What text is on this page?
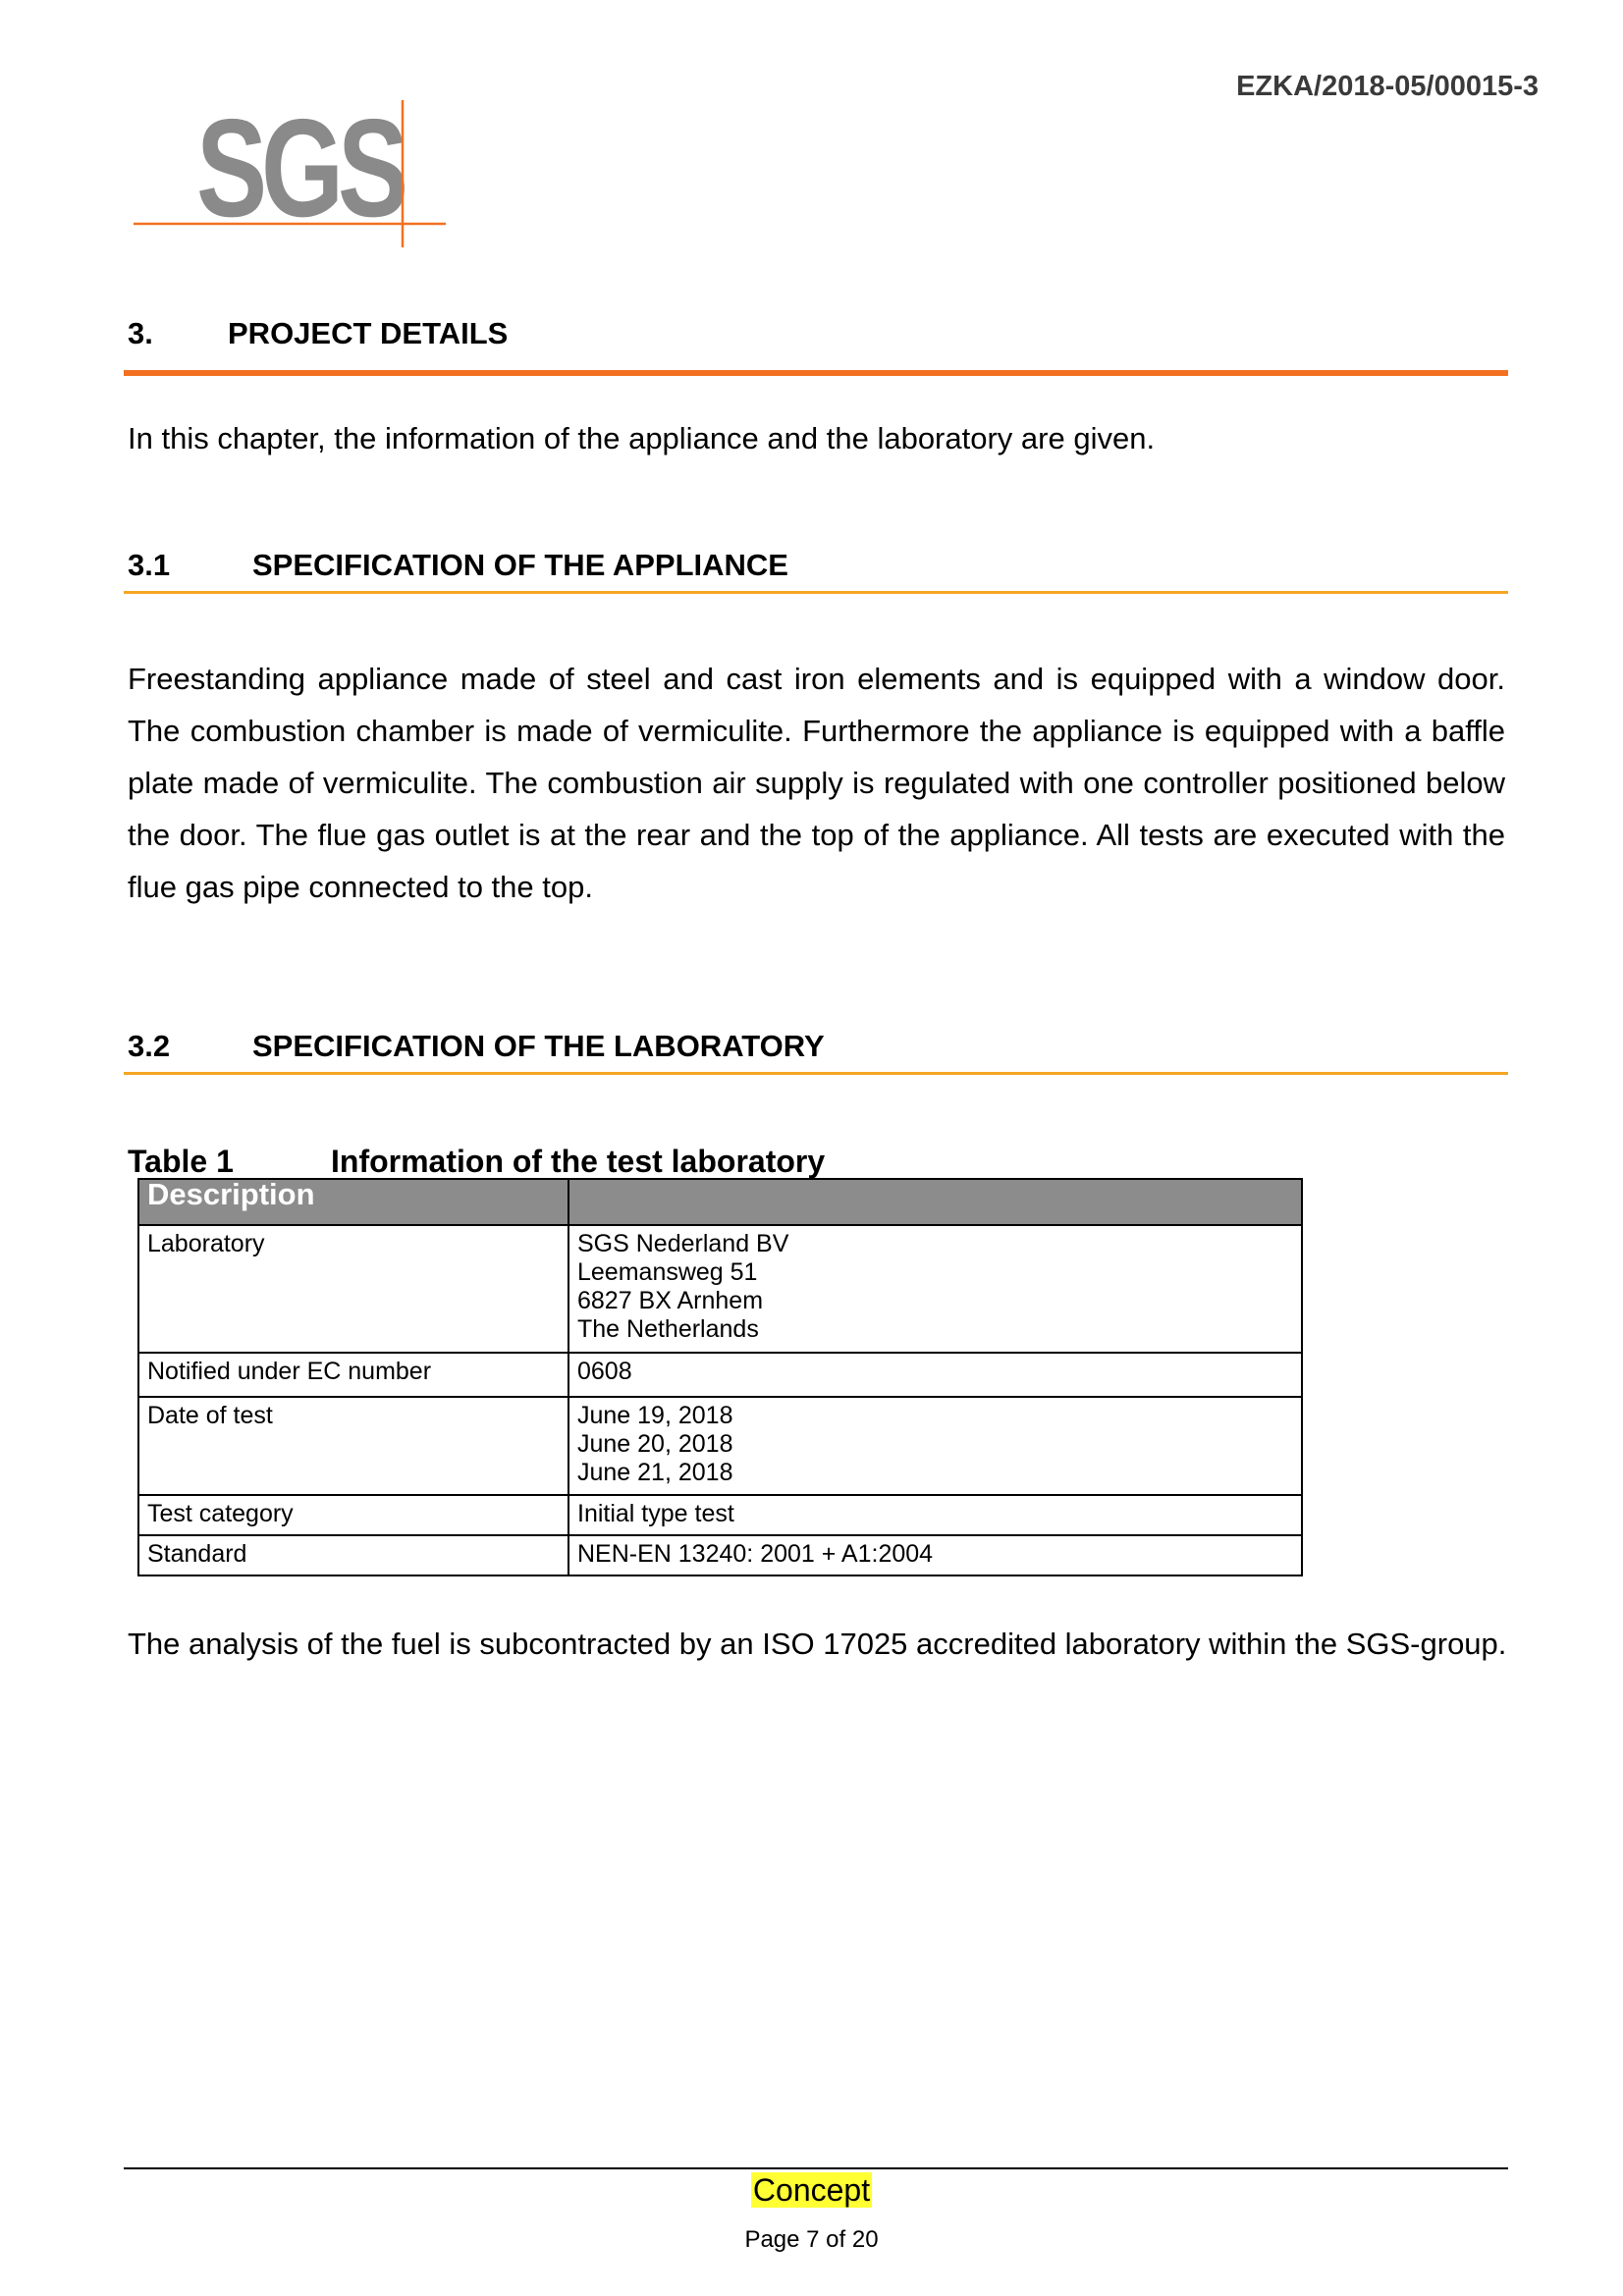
EZKA/2018-05/00015-3
SGS
3. PROJECT DETAILS
In this chapter, the information of the appliance and the laboratory are given.
3.1	SPECIFICATION OF THE APPLIANCE
Freestanding appliance made of steel and cast iron elements and is equipped with a window door. The combustion chamber is made of vermiculite. Furthermore the appliance is equipped with a baffle plate made of vermiculite. The combustion air supply is regulated with one controller positioned below the door. The flue gas outlet is at the rear and the top of the appliance. All tests are executed with the flue gas pipe connected to the top.
3.2	SPECIFICATION OF THE LABORATORY
Table 1	Information of the test laboratory
Description	
Laboratory	SGS Nederland BV
Leemansweg 51
6827 BX Arnhem
The Netherlands

Notified under EC number	0608

Date of test	June 19, 2018
June 20, 2018
June 21, 2018

Test category	Initial type test

Standard	NEN-EN 13240: 2001 + A1:2004
The analysis of the fuel is subcontracted by an ISO 17025 accredited laboratory within the SGS-group.
Concept
Page 7 of 20
